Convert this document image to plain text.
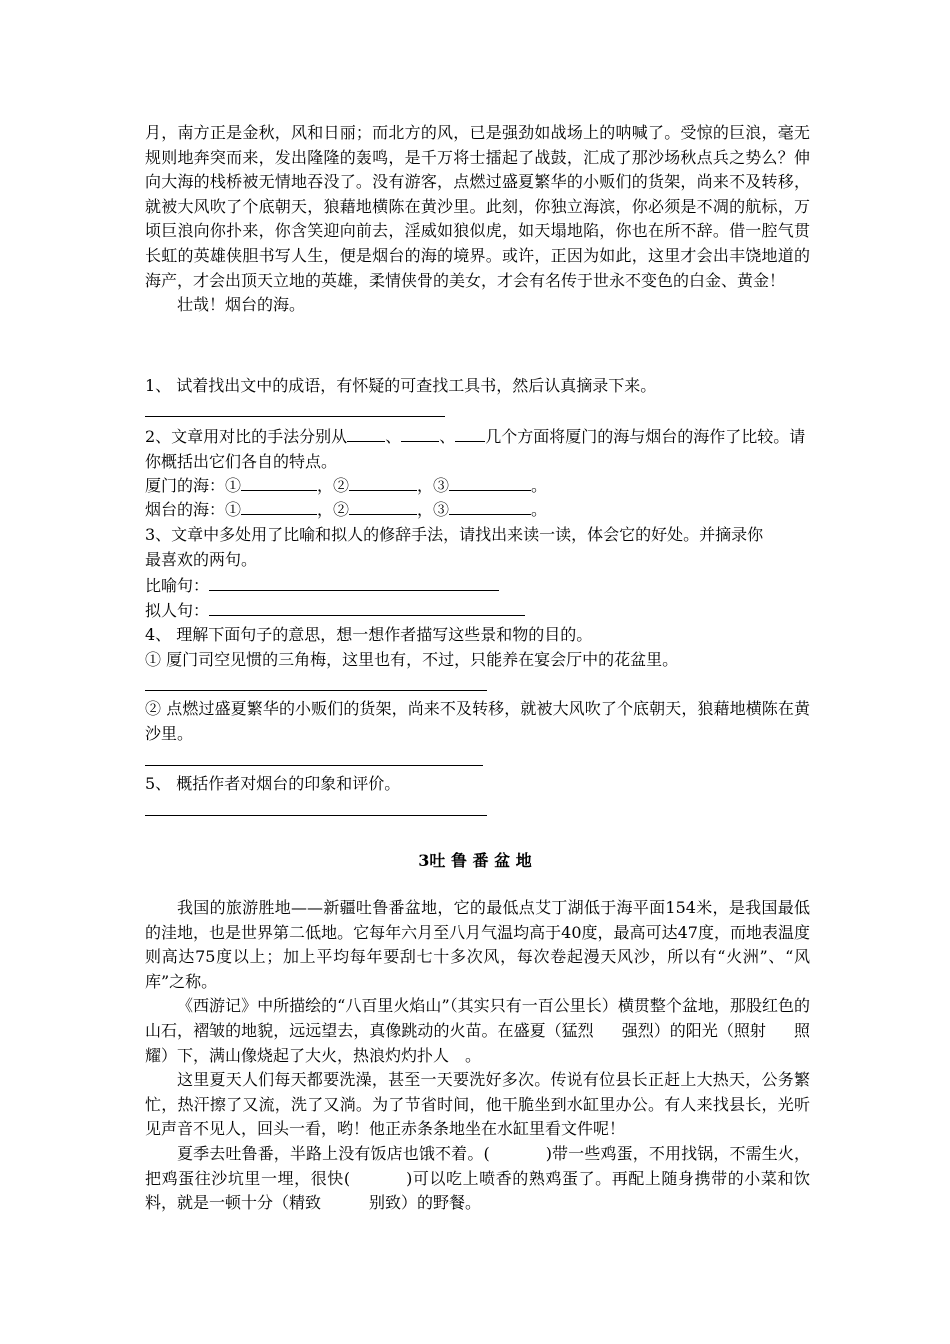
月，南方正是金秋，风和日丽；而北方的风，已是强劲如战场上的呐喊了。受惊的巨浪，毫无规则地奔突而来，发出隆隆的轰鸣，是千万将士擂起了战鼓，汇成了那沙场秋点兵之势么？伸向大海的栈桥被无情地吞没了。没有游客，点燃过盛夏繁华的小贩们的货架，尚来不及转移，就被大风吹了个底朝天，狼藉地横陈在黄沙里。此刻，你独立海滨，你必须是不凋的航标，万顷巨浪向你扑来，你含笑迎向前去，淫威如狼似虎，如天塌地陷，你也在所不辞。借一腔气贯长虹的英雄侠胆书写人生，便是烟台的海的境界。或许，正因为如此，这里才会出丰饶地道的海产，才会出顶天立地的英雄，柔情侠骨的美女，才会有名传于世永不变色的白金、黄金！

壮哉！烟台的海。

1、 试着找出文中的成语，有怀疑的可查找工具书，然后认真摘录下来。
2、文章用对比的手法分别从 、 、 几个方面将厦门的海与烟台的海作了比较。请
你概括出它们各自的特点。
厦门的海：①	，②	，③	。
烟台的海：①	，②	，③	。
3、文章中多处用了比喻和拟人的修辞手法，请找出来读一读，体会它的好处。并摘录你
最喜欢的两句。
比喻句：
拟人句：
4、 理解下面句子的意思，想一想作者描写这些景和物的目的。
① 厦门司空见惯的三角梅，这里也有，不过，只能养在宴会厅中的花盆里。

② 点燃过盛夏繁华的小贩们的货架，尚来不及转移，就被大风吹了个底朝天，狼藉地横陈在黄沙里。

5、 概括作者对烟台的印象和评价。
3吐 鲁 番 盆 地

我国的旅游胜地——新疆吐鲁番盆地，它的最低点艾丁湖低于海平面154米，是我国最低的洼地，也是世界第二低地。它每年六月至八月气温均高于40度，最高可达47度，而地表温度则高达75度以上；加上平均每年要刮七十多次风，每次卷起漫天风沙，所以有“火洲”、“风库”之称。

《西游记》中所描绘的“八百里火焰山”（其实只有一百公里长）横贯整个盆地，那股红色的山石，褶皱的地貌，远远望去，真像跳动的火苗。在盛夏（猛烈 强烈）的阳光（照射 照耀）下，满山像烧起了大火，热浪灼灼扑人 。

这里夏天人们每天都要洗澡，甚至一天要洗好多次。传说有位县长正赶上大热天，公务繁忙，热汗擦了又流，洗了又淌。为了节省时间，他干脆坐到水缸里办公。有人来找县长，光听见声音不见人，回头一看，哟！他正赤条条地坐在水缸里看文件呢！

夏季去吐鲁番，半路上没有饭店也饿不着。(	)带一些鸡蛋，不用找锅，不需生火，把鸡蛋往沙坑里一埋，很快(	)可以吃上喷香的熟鸡蛋了。再配上随身携带的小菜和饮料，就是一顿十分（精致	别致）的野餐。
